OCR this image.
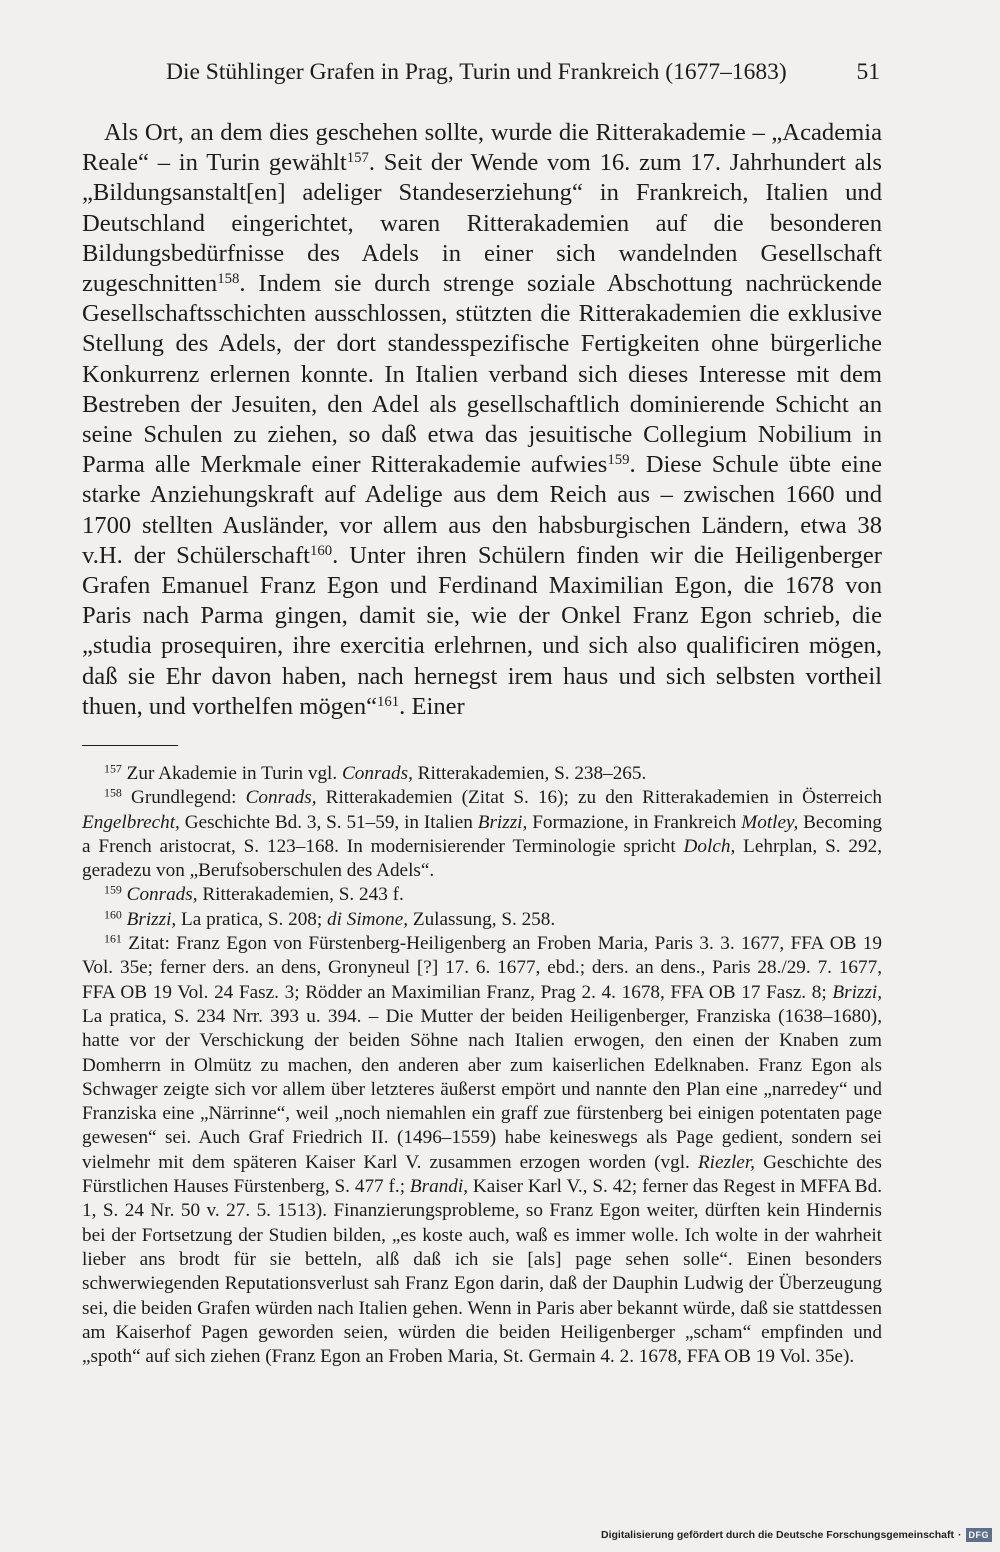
Die Stühlinger Grafen in Prag, Turin und Frankreich (1677–1683)	51

Als Ort, an dem dies geschehen sollte, wurde die Ritterakademie – „Academia Reale“ – in Turin gewählt$^{157}$. Seit der Wende vom 16. zum 17. Jahrhundert als „Bildungsanstalt[en] adeliger Standeserziehung“ in Frankreich, Italien und Deutschland eingerichtet, waren Ritterakademien auf die besonderen Bildungsbedürfnisse des Adels in einer sich wandelnden Gesellschaft zugeschnitten$^{158}$. Indem sie durch strenge soziale Abschottung nachrückende Gesellschaftsschichten ausschlossen, stützten die Ritterakademien die exklusive Stellung des Adels, der dort standesspezifische Fertigkeiten ohne bürgerliche Konkurrenz erlernen konnte. In Italien verband sich dieses Interesse mit dem Bestreben der Jesuiten, den Adel als gesellschaftlich dominierende Schicht an seine Schulen zu ziehen, so daß etwa das jesuitische Collegium Nobilium in Parma alle Merkmale einer Ritterakademie aufwies$^{159}$. Diese Schule übte eine starke Anziehungskraft auf Adelige aus dem Reich aus – zwischen 1660 und 1700 stellten Ausländer, vor allem aus den habsburgischen Ländern, etwa 38 v.H. der Schülerschaft$^{160}$. Unter ihren Schülern finden wir die Heiligenberger Grafen Emanuel Franz Egon und Ferdinand Maximilian Egon, die 1678 von Paris nach Parma gingen, damit sie, wie der Onkel Franz Egon schrieb, die „studia prosequiren, ihre exercitia erlehrnen, und sich also qualificiren mögen, daß sie Ehr davon haben, nach hernegst irem haus und sich selbsten vortheil thuen, und vorthelfen mögen“$^{161}$. Einer

$^{157}$ Zur Akademie in Turin vgl. Conrads, Ritterakademien, S. 238–265.

$^{158}$ Grundlegend: Conrads, Ritterakademien (Zitat S. 16); zu den Ritterakademien in Österreich Engelbrecht, Geschichte Bd. 3, S. 51–59, in Italien Brizzi, Formazione, in Frankreich Motley, Becoming a French aristocrat, S. 123–168. In modernisierender Terminologie spricht Dolch, Lehrplan, S. 292, geradezu von „Berufsoberschulen des Adels“.

$^{159}$ Conrads, Ritterakademien, S. 243 f.

$^{160}$ Brizzi, La pratica, S. 208; di Simone, Zulassung, S. 258.

$^{161}$ Zitat: Franz Egon von Fürstenberg-Heiligenberg an Froben Maria, Paris 3. 3. 1677, FFA OB 19 Vol. 35e; ferner ders. an dens, Gronyneul [?] 17. 6. 1677, ebd.; ders. an dens., Paris 28./29. 7. 1677, FFA OB 19 Vol. 24 Fasz. 3; Rödder an Maximilian Franz, Prag 2. 4. 1678, FFA OB 17 Fasz. 8; Brizzi, La pratica, S. 234 Nrr. 393 u. 394. – Die Mutter der beiden Heiligenberger, Franziska (1638–1680), hatte vor der Verschickung der beiden Söhne nach Italien erwogen, den einen der Knaben zum Domherrn in Olmütz zu machen, den anderen aber zum kaiserlichen Edelknaben. Franz Egon als Schwager zeigte sich vor allem über letzteres äußerst empört und nannte den Plan eine „narredey“ und Franziska eine „Närrinne“, weil „noch niemahlen ein graff zue fürstenberg bei einigen potentaten page gewesen“ sei. Auch Graf Friedrich II. (1496–1559) habe keineswegs als Page gedient, sondern sei vielmehr mit dem späteren Kaiser Karl V. zusammen erzogen worden (vgl. Riezler, Geschichte des Fürstlichen Hauses Fürstenberg, S. 477 f.; Brandi, Kaiser Karl V., S. 42; ferner das Regest in MFFA Bd. 1, S. 24 Nr. 50 v. 27. 5. 1513). Finanzierungsprobleme, so Franz Egon weiter, dürften kein Hindernis bei der Fortsetzung der Studien bilden, „es koste auch, waß es immer wolle. Ich wolte in der wahrheit lieber ans brodt für sie betteln, alß daß ich sie [als] page sehen solle“. Einen besonders schwerwiegenden Reputationsverlust sah Franz Egon darin, daß der Dauphin Ludwig der Überzeugung sei, die beiden Grafen würden nach Italien gehen. Wenn in Paris aber bekannt würde, daß sie stattdessen am Kaiserhof Pagen geworden seien, würden die beiden Heiligenberger „scham“ empfinden und „spoth“ auf sich ziehen (Franz Egon an Froben Maria, St. Germain 4. 2. 1678, FFA OB 19 Vol. 35e).

Digitalisierung gefördert durch die Deutsche Forschungsgemeinschaft · DFG
